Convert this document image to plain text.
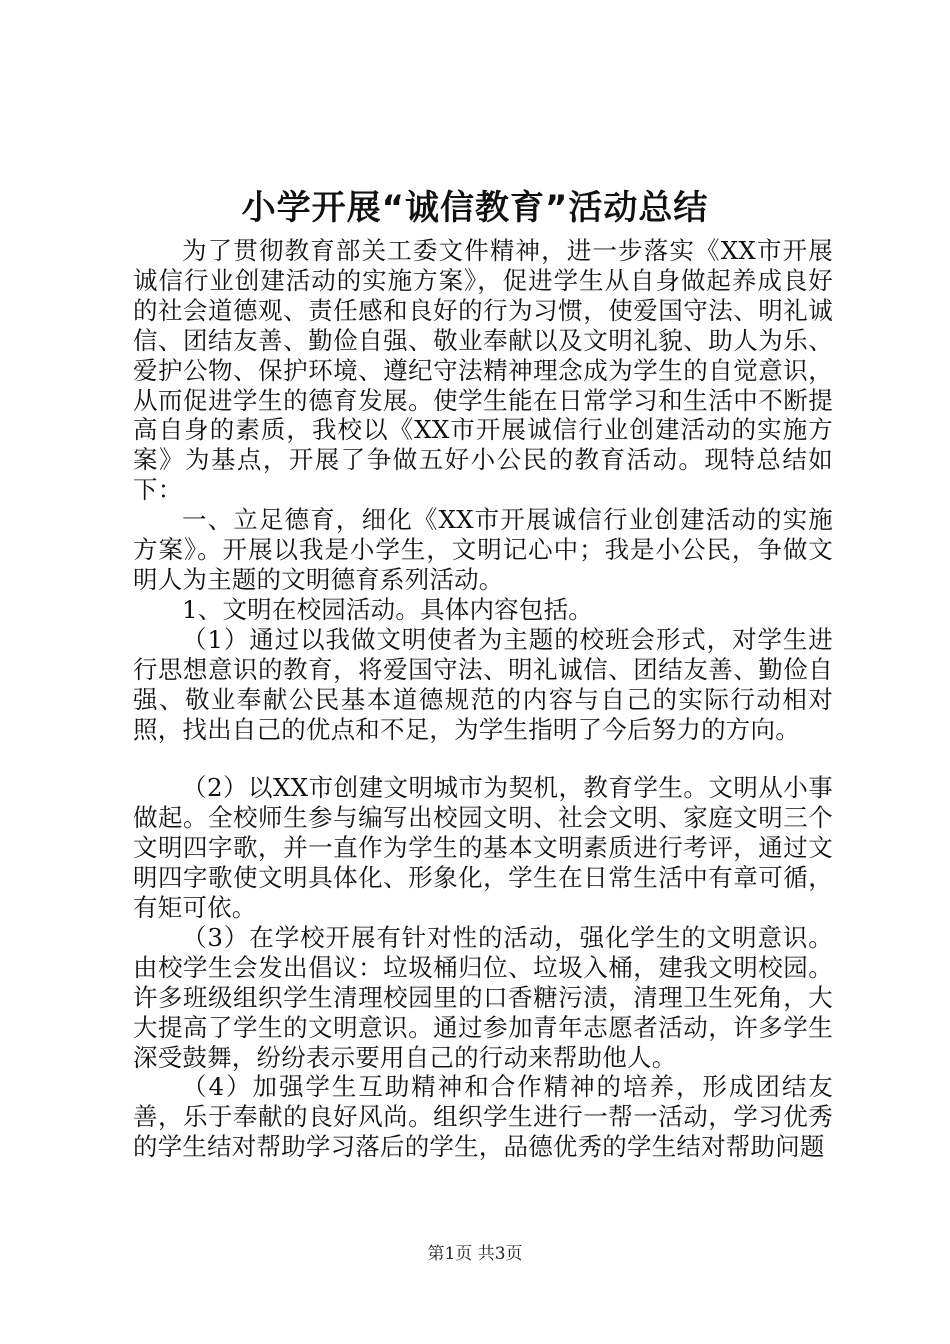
小学开展“诚信教育”活动总结

为了贯彻教育部关工委文件精神，进一步落实《XX市开展诚信行业创建活动的实施方案》，促进学生从自身做起养成良好的社会道德观、责任感和良好的行为习惯，使爱国守法、明礼诚信、团结友善、勤俭自强、敬业奉献以及文明礼貌、助人为乐、爱护公物、保护环境、遵纪守法精神理念成为学生的自觉意识，从而促进学生的德育发展。使学生能在日常学习和生活中不断提高自身的素质，我校以《XX市开展诚信行业创建活动的实施方案》为基点，开展了争做五好小公民的教育活动。现特总结如下：

一、立足德育，细化《XX市开展诚信行业创建活动的实施方案》。开展以我是小学生，文明记心中；我是小公民，争做文明人为主题的文明德育系列活动。

1、文明在校园活动。具体内容包括。

（1）通过以我做文明使者为主题的校班会形式，对学生进行思想意识的教育，将爱国守法、明礼诚信、团结友善、勤俭自强、敬业奉献公民基本道德规范的内容与自己的实际行动相对照，找出自己的优点和不足，为学生指明了今后努力的方向。

（2）以XX市创建文明城市为契机，教育学生。文明从小事做起。全校师生参与编写出校园文明、社会文明、家庭文明三个文明四字歌，并一直作为学生的基本文明素质进行考评，通过文明四字歌使文明具体化、形象化，学生在日常生活中有章可循，有矩可依。

（3）在学校开展有针对性的活动，强化学生的文明意识。由校学生会发出倡议：垃圾桶归位、垃圾入桶，建我文明校园。许多班级组织学生清理校园里的口香糖污渍，清理卫生死角，大大提高了学生的文明意识。通过参加青年志愿者活动，许多学生深受鼓舞，纷纷表示要用自己的行动来帮助他人。

（4）加强学生互助精神和合作精神的培养，形成团结友善，乐于奉献的良好风尚。组织学生进行一帮一活动，学习优秀的学生结对帮助学习落后的学生，品德优秀的学生结对帮助问题

第1页 共3页
